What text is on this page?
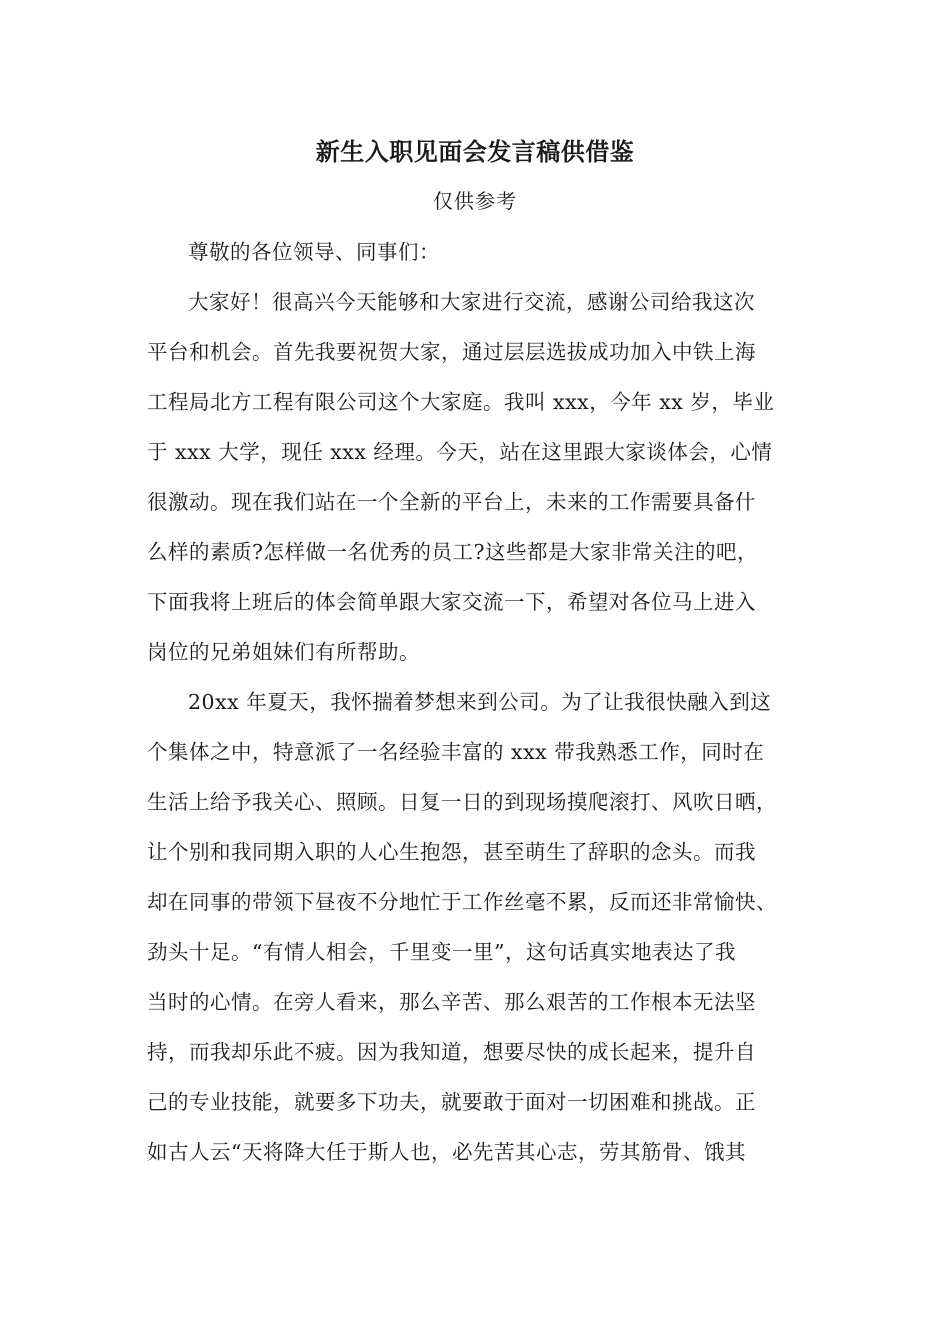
新生入职见面会发言稿供借鉴

仅供参考

尊敬的各位领导、同事们：
大家好！很高兴今天能够和大家进行交流，感谢公司给我这次
平台和机会。首先我要祝贺大家，通过层层选拔成功加入中铁上海
工程局北方工程有限公司这个大家庭。我叫 xxx，今年 xx 岁，毕业
于 xxx 大学，现任 xxx 经理。今天，站在这里跟大家谈体会，心情
很激动。现在我们站在一个全新的平台上，未来的工作需要具备什
么样的素质?怎样做一名优秀的员工?这些都是大家非常关注的吧，
下面我将上班后的体会简单跟大家交流一下，希望对各位马上进入
岗位的兄弟姐妹们有所帮助。
20xx 年夏天，我怀揣着梦想来到公司。为了让我很快融入到这
个集体之中，特意派了一名经验丰富的 xxx 带我熟悉工作，同时在
生活上给予我关心、照顾。日复一日的到现场摸爬滚打、风吹日晒，
让个别和我同期入职的人心生抱怨，甚至萌生了辞职的念头。而我
却在同事的带领下昼夜不分地忙于工作丝毫不累，反而还非常愉快、
劲头十足。“有情人相会，千里变一里”，这句话真实地表达了我
当时的心情。在旁人看来，那么辛苦、那么艰苦的工作根本无法坚
持，而我却乐此不疲。因为我知道，想要尽快的成长起来，提升自
己的专业技能，就要多下功夫，就要敢于面对一切困难和挑战。正
如古人云“天将降大任于斯人也，必先苦其心志，劳其筋骨、饿其
